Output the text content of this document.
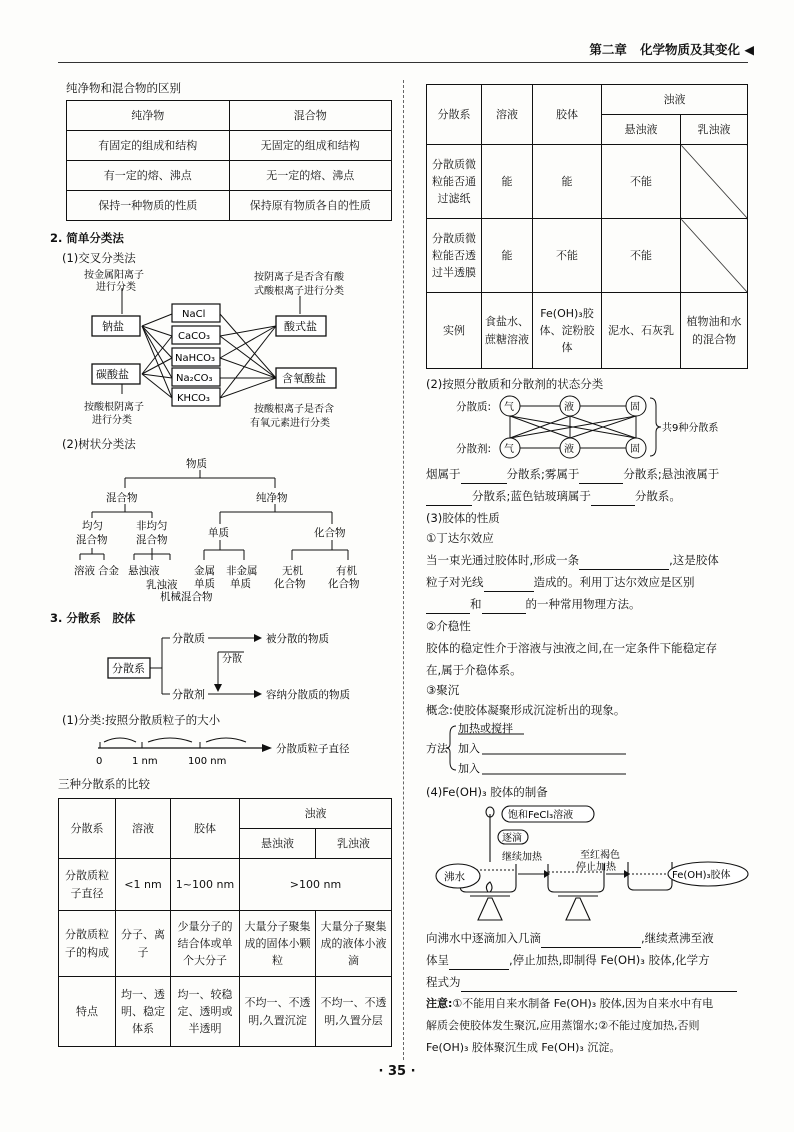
第二章 化学物质及其变化 ◀
纯净物和混合物的区别
纯净物	混合物
有固定的组成和结构	无固定的组成和结构
有一定的熔、沸点	无一定的熔、沸点
保持一种物质的性质	保持原有物质各自的性质
2. 简单分类法
(1)交叉分类法
按金属阳离子
进行分类
按阴离子是否含有酸
式酸根离子进行分类
钠盐
碳酸盐
NaCl
CaCO₃
NaHCO₃
Na₂CO₃
KHCO₃
酸式盐
含氧酸盐
按酸根阴离子
进行分类
按酸根离子是否含
有氧元素进行分类
(2)树状分类法
物质
混合物	纯净物
均匀
混合物
非均匀
混合物
单质	化合物
溶液 合金 悬浊液
乳浊液
机械混合物
金属
单质
非金属
单质
无机
化合物
有机
化合物
3. 分散系　胶体
分散系
分散质
分散剂
分散
被分散的物质
容纳分散质的物质
(1)分类:按照分散质粒子的大小
0	1 nm	100 nm
分散质粒子直径
三种分散系的比较
分散系	溶液	胶体	浊液	
			悬浊液	乳浊液
分散质粒子直径	<1 nm	1~100 nm	>100 nm	
分散质粒子的构成	分子、离子	少量分子的结合体或单个大分子	大量分子聚集成的固体小颗粒	大量分子聚集成的液体小液滴
特点	均一、透明、稳定体系	均一、较稳定、透明或半透明	不均一、不透明,久置沉淀	不均一、不透明,久置分层
分散系	溶液	胶体	浊液	
			悬浊液	乳浊液
分散质微粒能否通过滤纸	能	能	不能	
分散质微粒能否透过半透膜	能	不能	不能	
实例	食盐水、蔗糖溶液	Fe(OH)₃胶体、淀粉胶体	泥水、石灰乳	植物油和水的混合物
(2)按照分散质和分散剂的状态分类
分散质:
分散剂:
气	液	固
气	液	固
共9种分散系
烟属于	分散系;雾属于	分散系;悬浊液属于
分散系;蓝色钴玻璃属于	分散系。
(3)胶体的性质
①丁达尔效应
当一束光通过胶体时,形成一条	,这是胶体
粒子对光线	造成的。利用丁达尔效应是区别
和	的一种常用物理方法。
②介稳性
胶体的稳定性介于溶液与浊液之间,在一定条件下能稳定存
在,属于介稳体系。
③聚沉
概念:使胶体凝聚形成沉淀析出的现象。
方法
加热或搅拌
加入
加入
(4)Fe(OH)₃ 胶体的制备
饱和FeCl₃溶液
逐滴
继续加热
沸水
至红褐色
停止加热
Fe(OH)₃胶体
向沸水中逐滴加入几滴	,继续煮沸至液
体呈	,停止加热,即制得 Fe(OH)₃ 胶体,化学方
程式为
注意:①不能用自来水制备 Fe(OH)₃ 胶体,因为自来水中有电
解质会使胶体发生聚沉,应用蒸馏水;②不能过度加热,否则
Fe(OH)₃ 胶体聚沉生成 Fe(OH)₃ 沉淀。
· 35 ·
